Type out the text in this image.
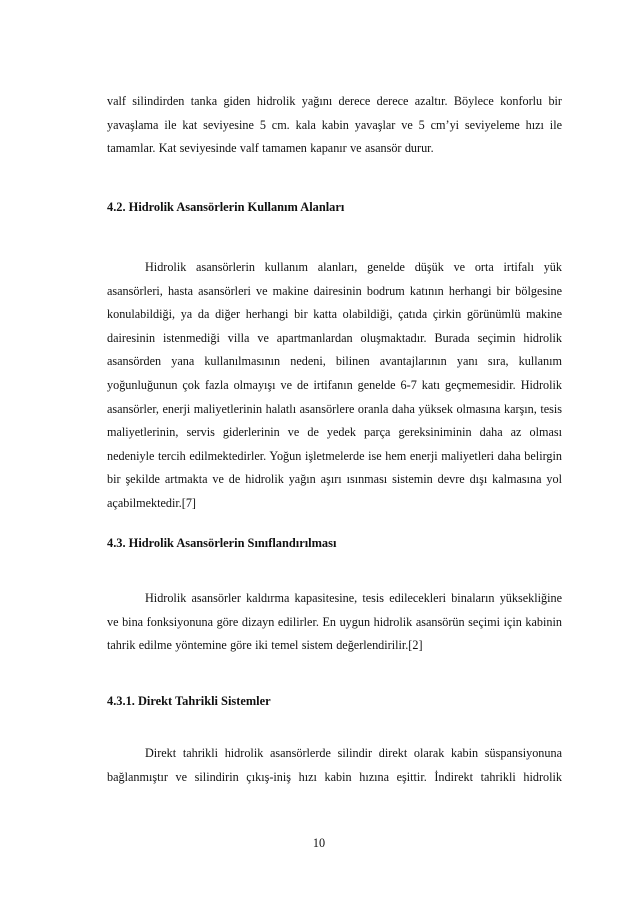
valf silindirden tanka giden hidrolik yağını derece derece azaltır. Böylece konforlu bir yavaşlama ile kat seviyesine 5 cm. kala kabin yavaşlar ve 5 cm’yi seviyeleme hızı ile tamamlar. Kat seviyesinde valf tamamen kapanır ve asansör durur.

4.2. Hidrolik Asansörlerin Kullanım Alanları

Hidrolik asansörlerin kullanım alanları, genelde düşük ve orta irtifalı yük asansörleri, hasta asansörleri ve makine dairesinin bodrum katının herhangi bir bölgesine konulabildiği, ya da diğer herhangi bir katta olabildiği, çatıda çirkin görünümlü makine dairesinin istenmediği villa ve apartmanlardan oluşmaktadır. Burada seçimin hidrolik asansörden yana kullanılmasının nedeni, bilinen avantajlarının yanı sıra, kullanım yoğunluğunun çok fazla olmayışı ve de irtifanın genelde 6-7 katı geçmemesidir. Hidrolik asansörler, enerji maliyetlerinin halatlı asansörlere oranla daha yüksek olmasına karşın, tesis maliyetlerinin, servis giderlerinin ve de yedek parça gereksiniminin daha az olması nedeniyle tercih edilmektedirler. Yoğun işletmelerde ise hem enerji maliyetleri daha belirgin bir şekilde artmakta ve de hidrolik yağın aşırı ısınması sistemin devre dışı kalmasına yol açabilmektedir.[7]

4.3. Hidrolik Asansörlerin Sınıflandırılması

Hidrolik asansörler kaldırma kapasitesine, tesis edilecekleri binaların yüksekliğine ve bina fonksiyonuna göre dizayn edilirler. En uygun hidrolik asansörün seçimi için kabinin tahrik edilme yöntemine göre iki temel sistem değerlendirilir.[2]

4.3.1. Direkt Tahrikli Sistemler

Direkt tahrikli hidrolik asansörlerde silindir direkt olarak kabin süspansiyonuna bağlanmıştır ve silindirin çıkış-iniş hızı kabin hızına eşittir. İndirekt tahrikli hidrolik

10
